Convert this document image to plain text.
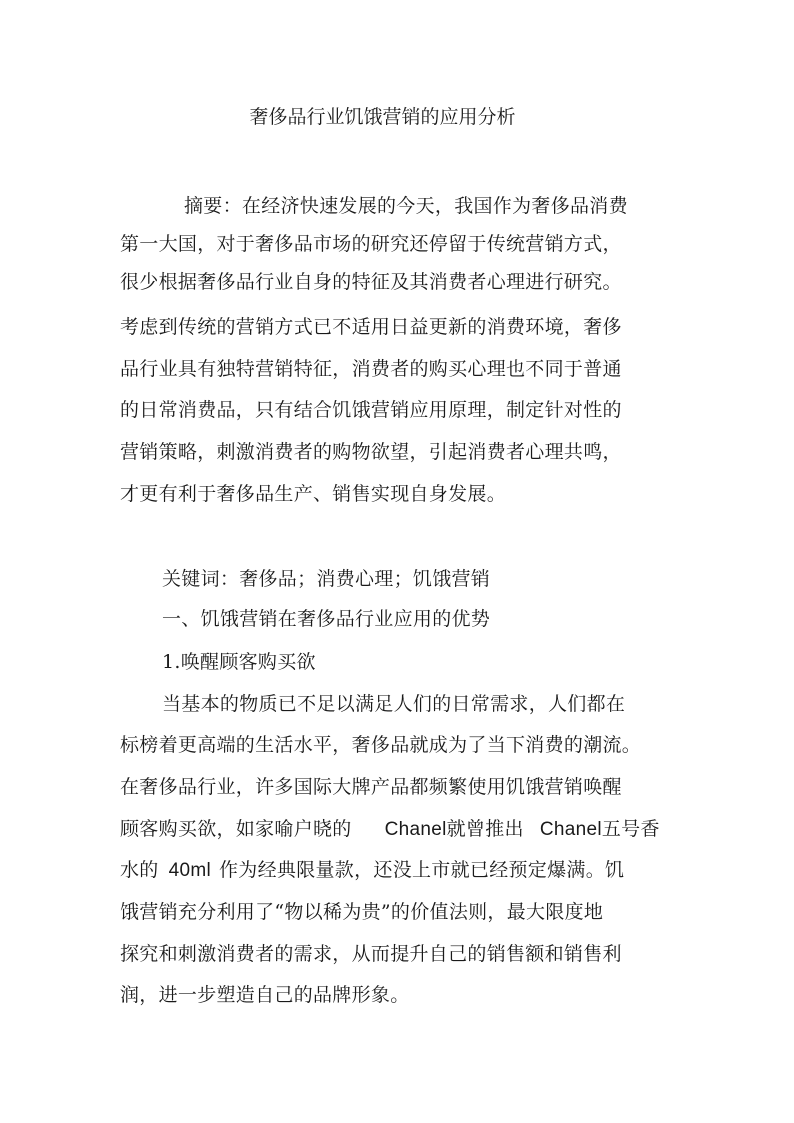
奢侈品行业饥饿营销的应用分析
摘要：在经济快速发展的今天，我国作为奢侈品消费
第一大国，对于奢侈品市场的研究还停留于传统营销方式，
很少根据奢侈品行业自身的特征及其消费者心理进行研究。
考虑到传统的营销方式已不适用日益更新的消费环境，奢侈
品行业具有独特营销特征，消费者的购买心理也不同于普通
的日常消费品，只有结合饥饿营销应用原理，制定针对性的
营销策略，刺激消费者的购物欲望，引起消费者心理共鸣，
才更有利于奢侈品生产、销售实现自身发展。
关键词：奢侈品；消费心理；饥饿营销
一、饥饿营销在奢侈品行业应用的优势
1.唤醒顾客购买欲
当基本的物质已不足以满足人们的日常需求，人们都在
标榜着更高端的生活水平，奢侈品就成为了当下消费的潮流。
在奢侈品行业，许多国际大牌产品都频繁使用饥饿营销唤醒
顾客购买欲，如家喻户晓的 Chanel就曾推出 Chanel五号香
水的 40ml 作为经典限量款，还没上市就已经预定爆满。饥
饿营销充分利用了“物以稀为贵”的价值法则，最大限度地
探究和刺激消费者的需求，从而提升自己的销售额和销售利
润，进一步塑造自己的品牌形象。
